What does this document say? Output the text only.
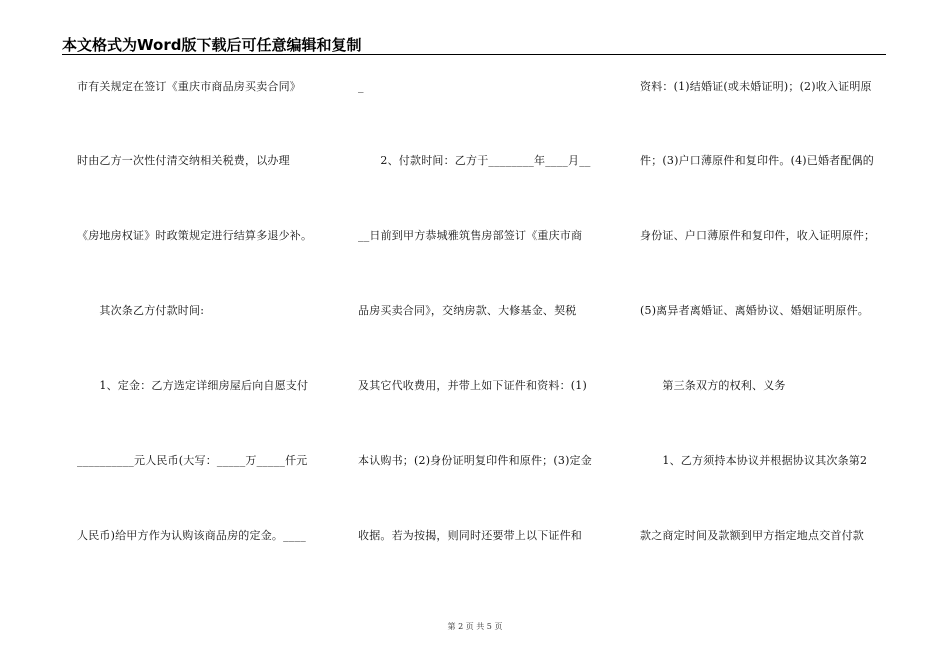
本文格式为Word版下载后可任意编辑和复制
市有关规定在签订《重庆市商品房买卖合同》
时由乙方一次性付清交纳相关税费，以办理
《房地房权证》时政策规定进行结算多退少补。
　　其次条乙方付款时间:
　　1、定金：乙方选定详细房屋后向自愿支付
__________元人民币(大写：_____万_____仟元
人民币)给甲方作为认购该商品房的定金。____
_
　　2、付款时间：乙方于________年____月__
__日前到甲方恭城雅筑售房部签订《重庆市商
品房买卖合同》，交纳房款、大修基金、契税
及其它代收费用，并带上如下证件和资料：(1)
本认购书；(2)身份证明复印件和原件；(3)定金
收据。若为按揭，则同时还要带上以下证件和
资料：(1)结婚证(或未婚证明)；(2)收入证明原
件；(3)户口薄原件和复印件。(4)已婚者配偶的
身份证、户口薄原件和复印件，收入证明原件；
(5)离异者离婚证、离婚协议、婚姻证明原件。
　　第三条双方的权利、义务
　　1、乙方须持本协议并根据协议其次条第2
款之商定时间及款额到甲方指定地点交首付款
第 2 页 共 5 页
